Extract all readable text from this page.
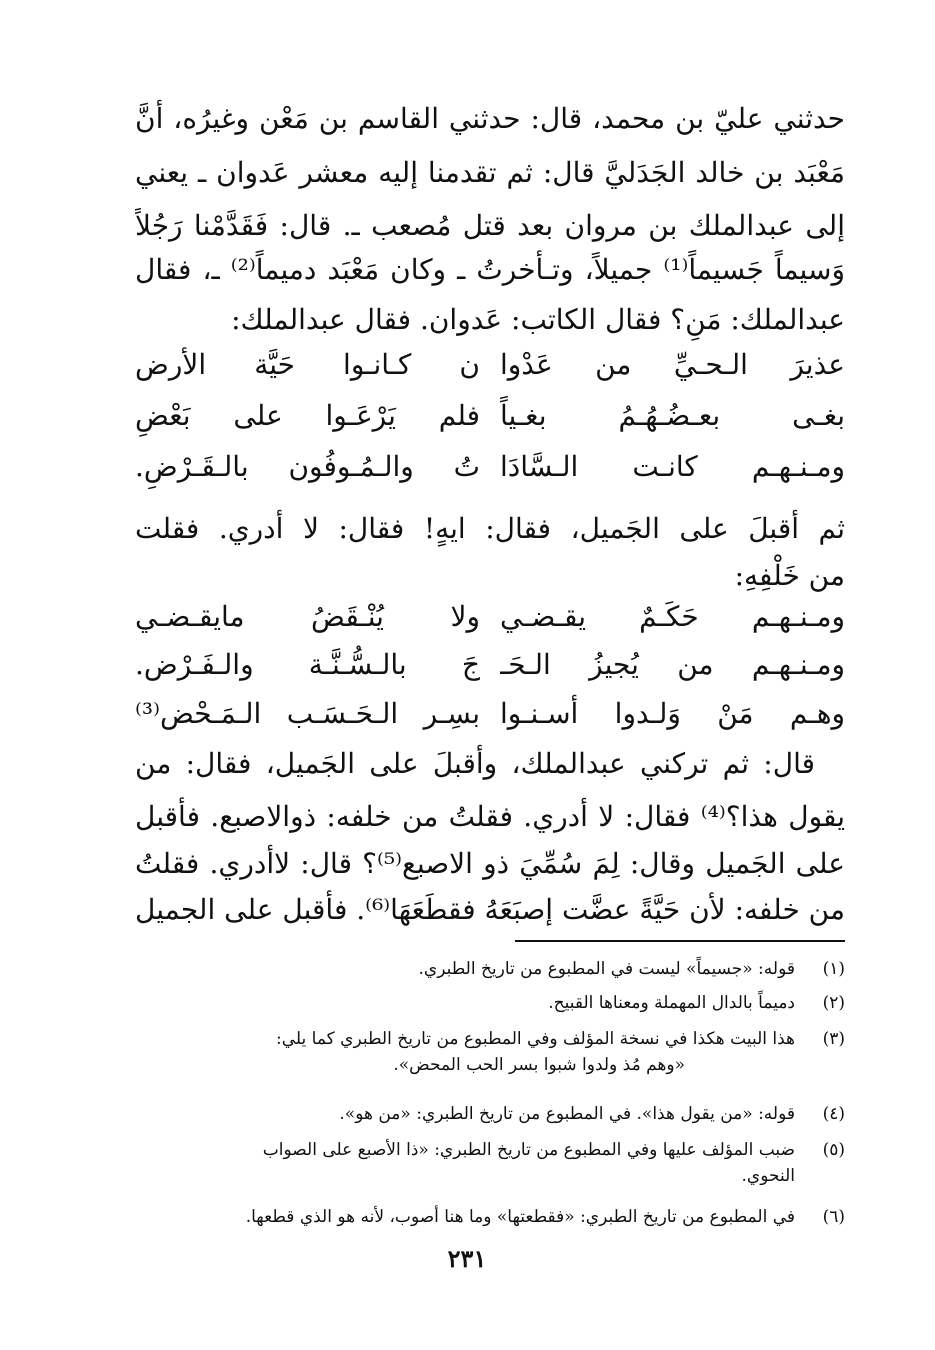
حدثني عليّ بن محمد، قال: حدثني القاسم بن مَعْن وغيرُه، أنَّ
مَعْبَد بن خالد الجَدَليَّ قال: ثم تقدمنا إليه معشر عَدوان ـ يعني
إلى عبدالملك بن مروان بعد قتل مُصعب ـ. قال: فَقَدَّمْنا رَجُلاً
وَسيماً جَسيماً⁽¹⁾ جميلاً، وتـأخرتُ ـ وكان مَعْبَد دميماً⁽²⁾ ـ، فقال
عبدالملك: مَنِ؟ فقال الكاتب: عَدوان. فقال عبدالملك:
عذيرَ الـحـيِّ من عَدْوا
ن كـانـوا حَيَّة الأرض
بغـى بعـضُـهُـمُ بغـياً
فلم يَرْعَـوا على بَعْضِ
ومـنـهـم كانـت الـسَّادَا
تُ والـمُـوفُون بالـقَـرْضِ.
ثم أقبلَ على الجَميل، فقال: ايهٍ! فقال: لا أدري. فقلت
من خَلْفِهِ:
ومـنـهـم حَكَـمٌ يقـضـي
ولا يُنْـقَضُ مايقـضـي
ومـنـهـم من يُجيزُ الـحَـ
جَ بالـسُّـنَّـة والـفَـرْض.
وهـم مَنْ وَلـدوا أسـنـوا
بسِـر الـحَـسَـب الـمَـحْض⁽³⁾
قال: ثم تركني عبدالملك، وأقبلَ على الجَميل، فقال: من
يقول هذا؟⁽⁴⁾ فقال: لا أدري. فقلتُ من خلفه: ذوالاصبع. فأقبل
على الجَميل وقال: لِمَ سُمِّيَ ذو الاصبع⁽⁵⁾؟ قال: لاأدري. فقلتُ
من خلفه: لأن حَيَّةً عضَّت إصبَعَهُ فقطَعَهَا⁽⁶⁾. فأقبل على الجميل
(١)
قوله: «جسيماً» ليست في المطبوع من تاريخ الطبري.
(٢)
دميماً بالدال المهملة ومعناها القبيح.
(٣)
هذا البيت هكذا في نسخة المؤلف وفي المطبوع من تاريخ الطبري كما يلي:
«وهم مُذ ولدوا شبوا بسر الحب المحض».
(٤)
قوله: «من يقول هذا». في المطبوع من تاريخ الطبري: «من هو».
(٥)
ضبب المؤلف عليها وفي المطبوع من تاريخ الطبري: «ذا الأصبع على الصواب
النحوي.
(٦)
في المطبوع من تاريخ الطبري: «فقطعتها» وما هنا أصوب، لأنه هو الذي قطعها.
٢٣١
